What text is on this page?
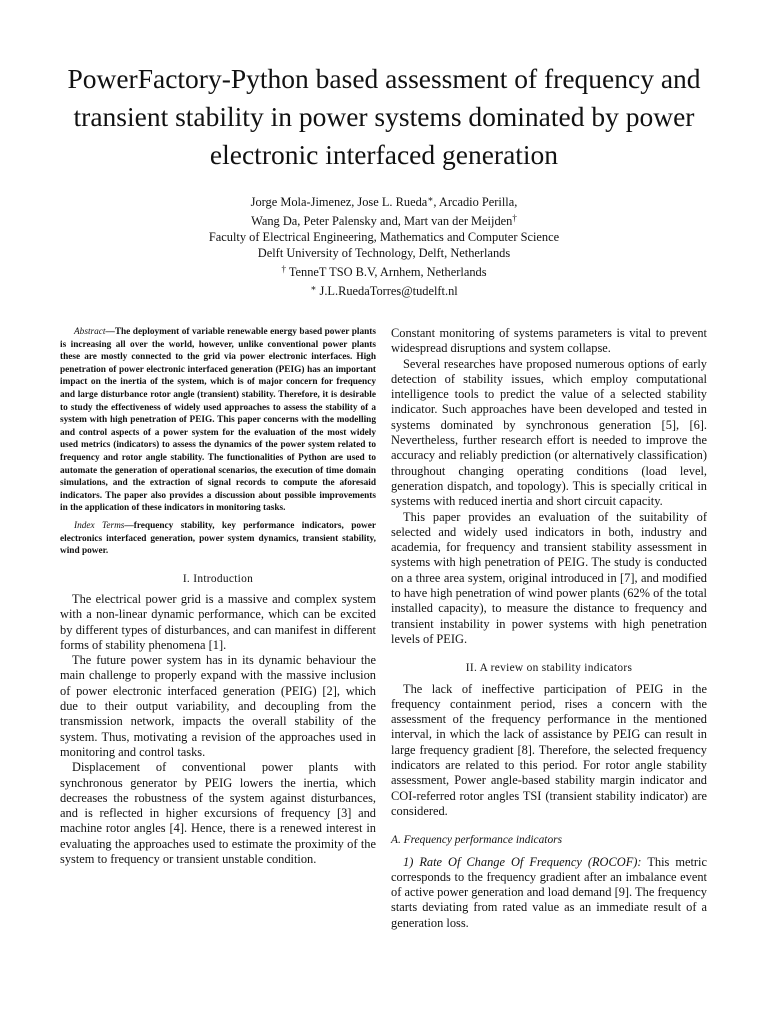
PowerFactory-Python based assessment of frequency and transient stability in power systems dominated by power electronic interfaced generation
Jorge Mola-Jimenez, Jose L. Rueda∗, Arcadio Perilla,
Wang Da, Peter Palensky and, Mart van der Meijden†
Faculty of Electrical Engineering, Mathematics and Computer Science
Delft University of Technology, Delft, Netherlands
† TenneT TSO B.V, Arnhem, Netherlands
∗ J.L.RuedaTorres@tudelft.nl

Abstract—The deployment of variable renewable energy based power plants is increasing all over the world, however, unlike conventional power plants these are mostly connected to the grid via power electronic interfaces. High penetration of power electronic interfaced generation (PEIG) has an important impact on the inertia of the system, which is of major concern for frequency and large disturbance rotor angle (transient) stability. Therefore, it is desirable to study the effectiveness of widely used approaches to assess the stability of a system with high penetration of PEIG. This paper concerns with the modelling and control aspects of a power system for the evaluation of the most widely used metrics (indicators) to assess the dynamics of the power system related to frequency and rotor angle stability. The functionalities of Python are used to automate the generation of operational scenarios, the execution of time domain simulations, and the extraction of signal records to compute the aforesaid indicators. The paper also provides a discussion about possible improvements in the application of these indicators in monitoring tasks.

Index Terms—frequency stability, key performance indicators, power electronics interfaced generation, power system dynamics, transient stability, wind power.

I. Introduction

The electrical power grid is a massive and complex system with a non-linear dynamic performance, which can be excited by different types of disturbances, and can manifest in different forms of stability phenomena [1].

The future power system has in its dynamic behaviour the main challenge to properly expand with the massive inclusion of power electronic interfaced generation (PEIG) [2], which due to their output variability, and decoupling from the transmission network, impacts the overall stability of the system. Thus, motivating a revision of the approaches used in monitoring and control tasks.

Displacement of conventional power plants with synchronous generator by PEIG lowers the inertia, which decreases the robustness of the system against disturbances, and is reflected in higher excursions of frequency [3] and machine rotor angles [4]. Hence, there is a renewed interest in evaluating the approaches used to estimate the proximity of the system to frequency or transient unstable condition.

Constant monitoring of systems parameters is vital to prevent widespread disruptions and system collapse.

Several researches have proposed numerous options of early detection of stability issues, which employ computational intelligence tools to predict the value of a selected stability indicator. Such approaches have been developed and tested in systems dominated by synchronous generation [5], [6]. Nevertheless, further research effort is needed to improve the accuracy and reliably prediction (or alternatively classification) throughout changing operating conditions (load level, generation dispatch, and topology). This is specially critical in systems with reduced inertia and short circuit capacity.

This paper provides an evaluation of the suitability of selected and widely used indicators in both, industry and academia, for frequency and transient stability assessment in systems with high penetration of PEIG. The study is conducted on a three area system, original introduced in [7], and modified to have high penetration of wind power plants (62% of the total installed capacity), to measure the distance to frequency and transient instability in power systems with high penetration levels of PEIG.

II. A review on stability indicators

The lack of ineffective participation of PEIG in the frequency containment period, rises a concern with the assessment of the frequency performance in the mentioned interval, in which the lack of assistance by PEIG can result in large frequency gradient [8]. Therefore, the selected frequency indicators are related to this period. For rotor angle stability assessment, Power angle-based stability margin indicator and COI-referred rotor angles TSI (transient stability indicator) are considered.

A. Frequency performance indicators

1) Rate Of Change Of Frequency (ROCOF): This metric corresponds to the frequency gradient after an imbalance event of active power generation and load demand [9]. The frequency starts deviating from rated value as an immediate result of a generation loss.
